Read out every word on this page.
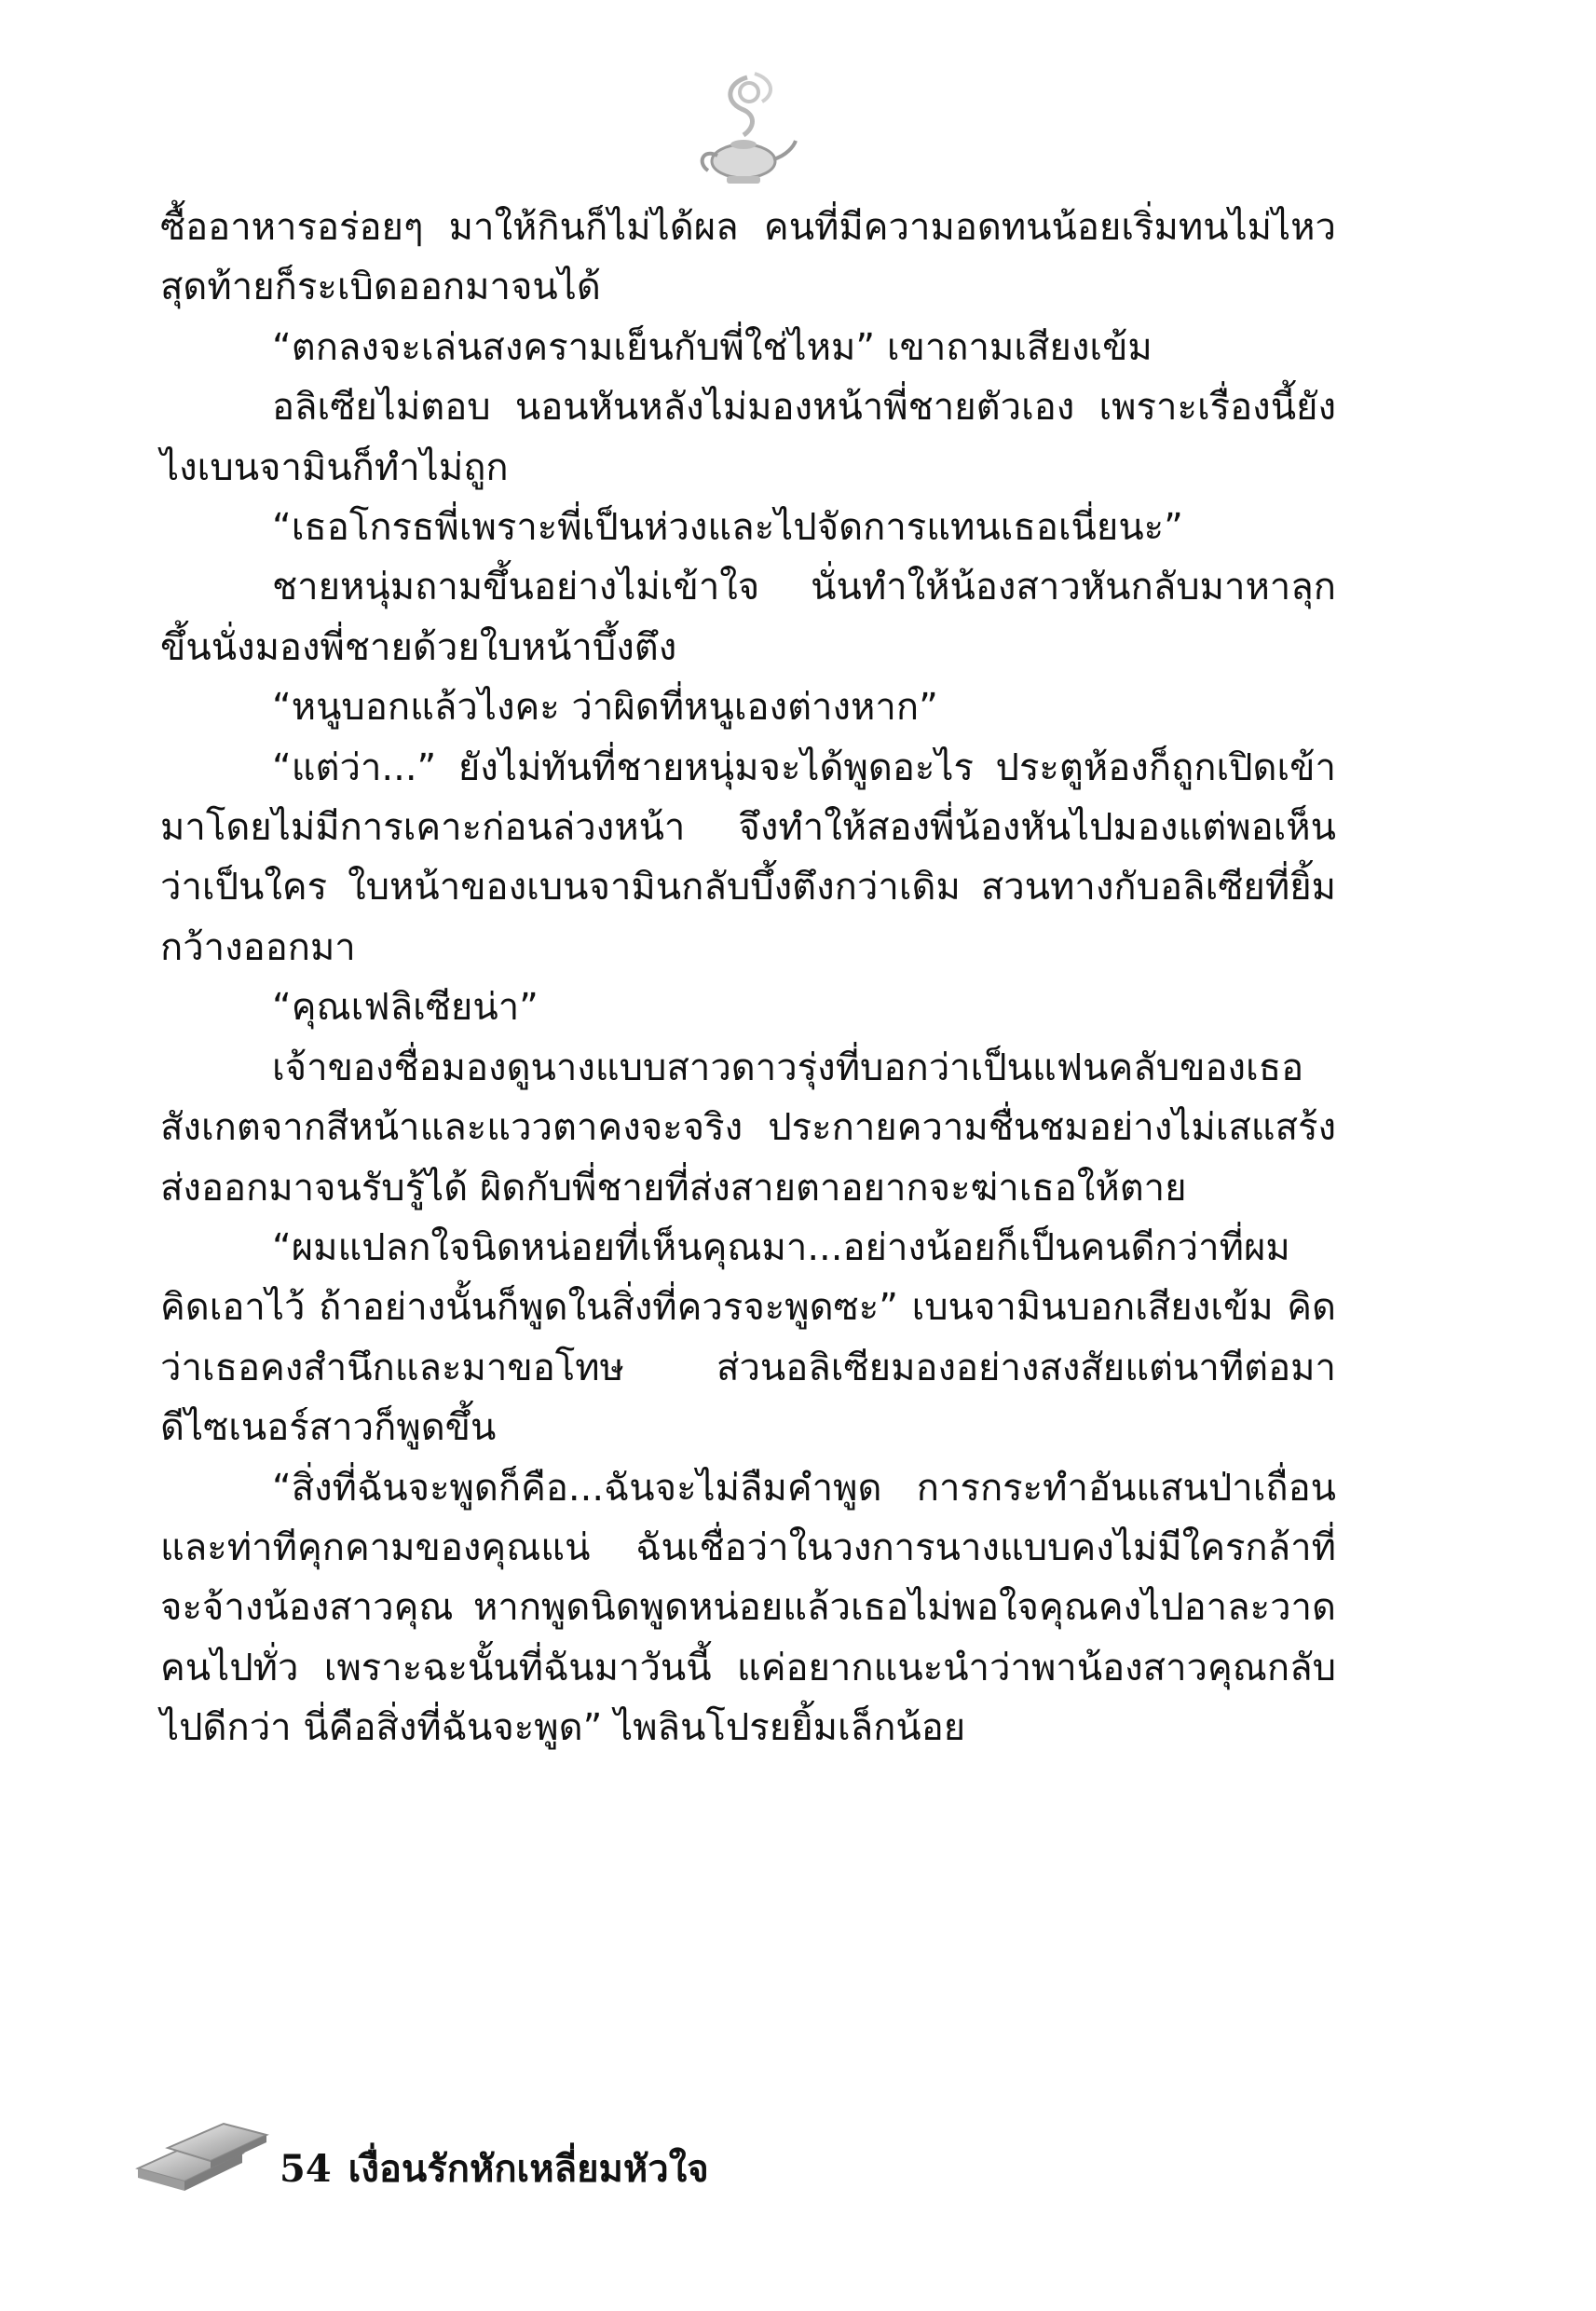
ซื้ออาหารอร่อยๆ มาให้กินก็ไม่ได้ผล คนที่มีความอดทนน้อยเริ่มทนไม่ไหว สุดท้ายก็ระเบิดออกมาจนได้

“ตกลงจะเล่นสงครามเย็นกับพี่ใช่ไหม” เขาถามเสียงเข้ม

อลิเซียไม่ตอบ นอนหันหลังไม่มองหน้าพี่ชายตัวเอง เพราะเรื่องนี้ยังไงเบนจามินก็ทำไม่ถูก

“เธอโกรธพี่เพราะพี่เป็นห่วงและไปจัดการแทนเธอเนี่ยนะ”

ชายหนุ่มถามขึ้นอย่างไม่เข้าใจ นั่นทำให้น้องสาวหันกลับมาหาลุกขึ้นนั่งมองพี่ชายด้วยใบหน้าบึ้งตึง

“หนูบอกแล้วไงคะ ว่าผิดที่หนูเองต่างหาก”

“แต่ว่า...” ยังไม่ทันที่ชายหนุ่มจะได้พูดอะไร ประตูห้องก็ถูกเปิดเข้ามาโดยไม่มีการเคาะก่อนล่วงหน้า จึงทำให้สองพี่น้องหันไปมองแต่พอเห็นว่าเป็นใคร ใบหน้าของเบนจามินกลับบึ้งตึงกว่าเดิม สวนทางกับอลิเซียที่ยิ้มกว้างออกมา

“คุณเฟลิเซียน่า”

เจ้าของชื่อมองดูนางแบบสาวดาวรุ่งที่บอกว่าเป็นแฟนคลับของเธอสังเกตจากสีหน้าและแววตาคงจะจริง ประกายความชื่นชมอย่างไม่เสแสร้งส่งออกมาจนรับรู้ได้ ผิดกับพี่ชายที่ส่งสายตาอยากจะฆ่าเธอให้ตาย

“ผมแปลกใจนิดหน่อยที่เห็นคุณมา...อย่างน้อยก็เป็นคนดีกว่าที่ผมคิดเอาไว้ ถ้าอย่างนั้นก็พูดในสิ่งที่ควรจะพูดซะ” เบนจามินบอกเสียงเข้ม คิดว่าเธอคงสำนึกและมาขอโทษ ส่วนอลิเซียมองอย่างสงสัยแต่นาทีต่อมาดีไซเนอร์สาวก็พูดขึ้น

“สิ่งที่ฉันจะพูดก็คือ...ฉันจะไม่ลืมคำพูด การกระทำอันแสนป่าเถื่อน และท่าทีคุกคามของคุณแน่ ฉันเชื่อว่าในวงการนางแบบคงไม่มีใครกล้าที่จะจ้างน้องสาวคุณ หากพูดนิดพูดหน่อยแล้วเธอไม่พอใจคุณคงไปอาละวาดคนไปทั่ว เพราะฉะนั้นที่ฉันมาวันนี้ แค่อยากแนะนำว่าพาน้องสาวคุณกลับไปดีกว่า นี่คือสิ่งที่ฉันจะพูด” ไพลินโปรยยิ้มเล็กน้อย

54 เงื่อนรักหักเหลี่ยมหัวใจ
